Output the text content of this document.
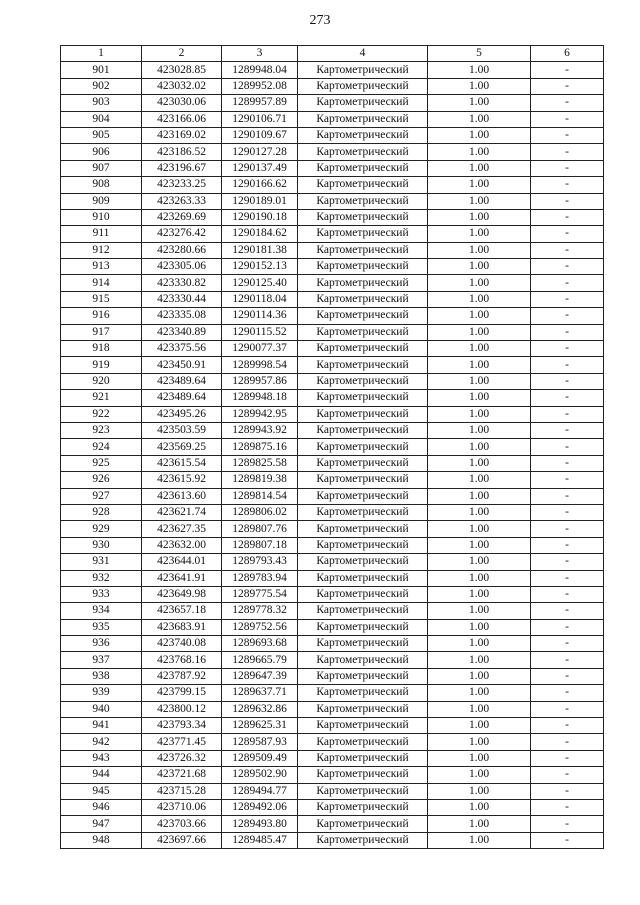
273
1	2	3	4	5	6
901	423028.85	1289948.04	Картометрический	1.00	-
902	423032.02	1289952.08	Картометрический	1.00	-
903	423030.06	1289957.89	Картометрический	1.00	-
904	423166.06	1290106.71	Картометрический	1.00	-
905	423169.02	1290109.67	Картометрический	1.00	-
906	423186.52	1290127.28	Картометрический	1.00	-
907	423196.67	1290137.49	Картометрический	1.00	-
908	423233.25	1290166.62	Картометрический	1.00	-
909	423263.33	1290189.01	Картометрический	1.00	-
910	423269.69	1290190.18	Картометрический	1.00	-
911	423276.42	1290184.62	Картометрический	1.00	-
912	423280.66	1290181.38	Картометрический	1.00	-
913	423305.06	1290152.13	Картометрический	1.00	-
914	423330.82	1290125.40	Картометрический	1.00	-
915	423330.44	1290118.04	Картометрический	1.00	-
916	423335.08	1290114.36	Картометрический	1.00	-
917	423340.89	1290115.52	Картометрический	1.00	-
918	423375.56	1290077.37	Картометрический	1.00	-
919	423450.91	1289998.54	Картометрический	1.00	-
920	423489.64	1289957.86	Картометрический	1.00	-
921	423489.64	1289948.18	Картометрический	1.00	-
922	423495.26	1289942.95	Картометрический	1.00	-
923	423503.59	1289943.92	Картометрический	1.00	-
924	423569.25	1289875.16	Картометрический	1.00	-
925	423615.54	1289825.58	Картометрический	1.00	-
926	423615.92	1289819.38	Картометрический	1.00	-
927	423613.60	1289814.54	Картометрический	1.00	-
928	423621.74	1289806.02	Картометрический	1.00	-
929	423627.35	1289807.76	Картометрический	1.00	-
930	423632.00	1289807.18	Картометрический	1.00	-
931	423644.01	1289793.43	Картометрический	1.00	-
932	423641.91	1289783.94	Картометрический	1.00	-
933	423649.98	1289775.54	Картометрический	1.00	-
934	423657.18	1289778.32	Картометрический	1.00	-
935	423683.91	1289752.56	Картометрический	1.00	-
936	423740.08	1289693.68	Картометрический	1.00	-
937	423768.16	1289665.79	Картометрический	1.00	-
938	423787.92	1289647.39	Картометрический	1.00	-
939	423799.15	1289637.71	Картометрический	1.00	-
940	423800.12	1289632.86	Картометрический	1.00	-
941	423793.34	1289625.31	Картометрический	1.00	-
942	423771.45	1289587.93	Картометрический	1.00	-
943	423726.32	1289509.49	Картометрический	1.00	-
944	423721.68	1289502.90	Картометрический	1.00	-
945	423715.28	1289494.77	Картометрический	1.00	-
946	423710.06	1289492.06	Картометрический	1.00	-
947	423703.66	1289493.80	Картометрический	1.00	-
948	423697.66	1289485.47	Картометрический	1.00	-
